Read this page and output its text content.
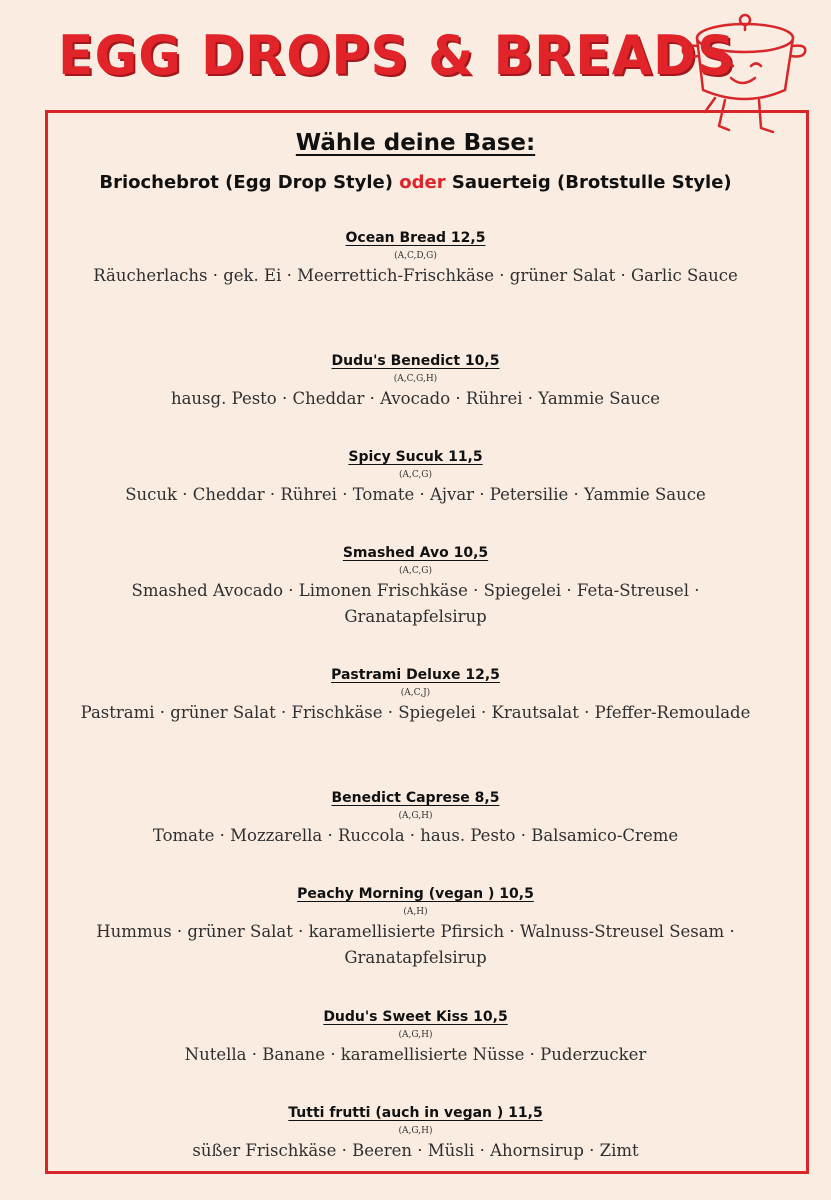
EGG DROPS & BREADS
Wähle deine Base:
Briochebrot (Egg Drop Style) oder Sauerteig (Brotstulle Style)
Ocean Bread 12,5
(A,C,D,G)
Räucherlachs · gek. Ei · Meerrettich-Frischkäse · grüner Salat · Garlic Sauce
Dudu's Benedict 10,5
(A,C,G,H)
hausg. Pesto · Cheddar · Avocado · Rührei · Yammie Sauce
Spicy Sucuk 11,5
(A,C,G)
Sucuk · Cheddar · Rührei · Tomate · Ajvar · Petersilie · Yammie Sauce
Smashed Avo 10,5
(A,C,G)
Smashed Avocado · Limonen Frischkäse · Spiegelei · Feta-Streusel · Granatapfelsirup
Pastrami Deluxe 12,5
(A,C,J)
Pastrami · grüner Salat · Frischkäse · Spiegelei · Krautsalat · Pfeffer-Remoulade
Benedict Caprese 8,5
(A,G,H)
Tomate · Mozzarella · Ruccola · haus. Pesto · Balsamico-Creme
Peachy Morning (vegan ) 10,5
(A,H)
Hummus · grüner Salat · karamellisierte Pfirsich · Walnuss-Streusel Sesam · Granatapfelsirup
Dudu's Sweet Kiss 10,5
(A,G,H)
Nutella · Banane · karamellisierte Nüsse · Puderzucker
Tutti frutti (auch in vegan ) 11,5
(A,G,H)
süßer Frischkäse · Beeren · Müsli · Ahornsirup · Zimt
